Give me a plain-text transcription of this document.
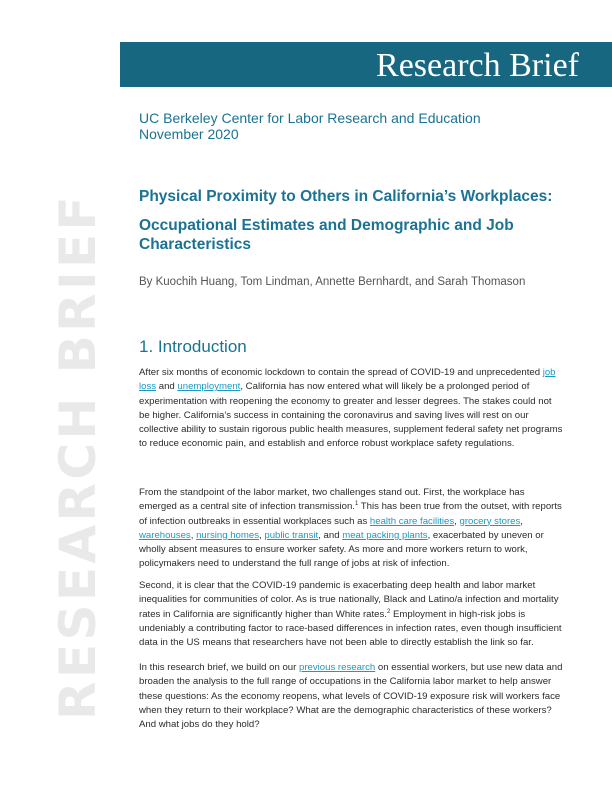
Research Brief
RESEARCH BRIEF
UC Berkeley Center for Labor Research and Education
November 2020
Physical Proximity to Others in California’s Workplaces:
Occupational Estimates and Demographic and Job Characteristics
By Kuochih Huang, Tom Lindman, Annette Bernhardt, and Sarah Thomason
1. Introduction

After six months of economic lockdown to contain the spread of COVID-19 and unprecedented job loss and unemployment, California has now entered what will likely be a prolonged period of experimentation with reopening the economy to greater and lesser degrees. The stakes could not be higher. California’s success in containing the coronavirus and saving lives will rest on our collective ability to sustain rigorous public health measures, supplement federal safety net programs to reduce economic pain, and establish and enforce robust workplace safety regulations.

From the standpoint of the labor market, two challenges stand out. First, the workplace has emerged as a central site of infection transmission.$^1$ This has been true from the outset, with reports of infection outbreaks in essential workplaces such as health care facilities, grocery stores, warehouses, nursing homes, public transit, and meat packing plants, exacerbated by uneven or wholly absent measures to ensure worker safety. As more and more workers return to work, policymakers need to understand the full range of jobs at risk of infection.

Second, it is clear that the COVID-19 pandemic is exacerbating deep health and labor market inequalities for communities of color. As is true nationally, Black and Latino/a infection and mortality rates in California are significantly higher than White rates.$^2$ Employment in high-risk jobs is undeniably a contributing factor to race-based differences in infection rates, even though insufficient data in the US means that researchers have not been able to directly establish the link so far.

In this research brief, we build on our previous research on essential workers, but use new data and broaden the analysis to the full range of occupations in the California labor market to help answer these questions: As the economy reopens, what levels of COVID-19 exposure risk will workers face when they return to their workplace? What are the demographic characteristics of these workers? And what jobs do they hold?
